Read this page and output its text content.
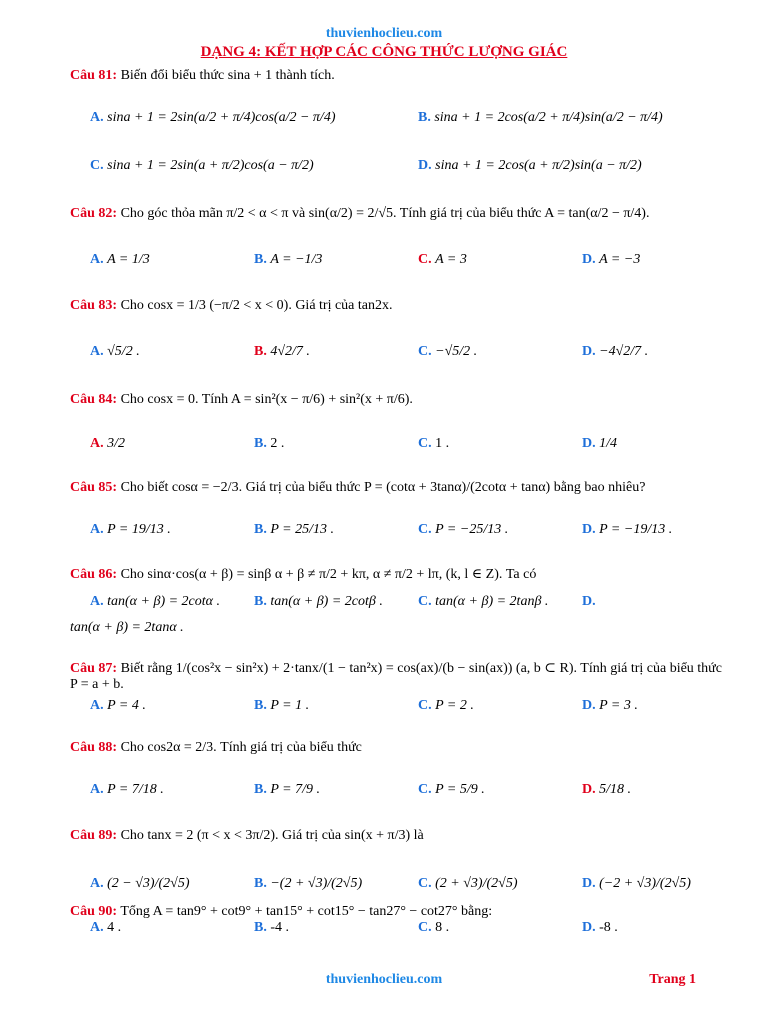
thuvienhoclieu.com
DẠNG 4: KẾT HỢP CÁC CÔNG THỨC LƯỢNG GIÁC
Câu 81: Biến đổi biểu thức sina + 1 thành tích.
A. sina + 1 = 2sin(a/2 + π/4)cos(a/2 − π/4)	B. sina + 1 = 2cos(a/2 + π/4)sin(a/2 − π/4)
C. sina + 1 = 2sin(a + π/2)cos(a − π/2)	D. sina + 1 = 2cos(a + π/2)sin(a − π/2)
Câu 82: Cho góc thỏa mãn π/2 < α < π và sin(α/2) = 2/√5. Tính giá trị của biểu thức A = tan(α/2 − π/4).
A. A = 1/3	B. A = −1/3	C. A = 3	D. A = −3
Câu 83: Cho cosx = 1/3 (−π/2 < x < 0). Giá trị của tan2x.
A. √5/2 .	B. 4√2/7 .	C. −√5/2 .	D. −4√2/7 .
Câu 84: Cho cosx = 0. Tính A = sin²(x − π/6) + sin²(x + π/6).
A. 3/2	B. 2 .	C. 1 .	D. 1/4
Câu 85: Cho biết cosα = −2/3. Giá trị của biểu thức P = (cotα + 3tanα)/(2cotα + tanα) bằng bao nhiêu?
A. P = 19/13 .	B. P = 25/13 .	C. P = −25/13 .	D. P = −19/13 .
Câu 86: Cho sinα·cos(α + β) = sinβ α + β ≠ π/2 + kπ, α ≠ π/2 + lπ, (k, l ∈ Z). Ta có
A. tan(α + β) = 2cotα . B. tan(α + β) = 2cotβ .	C. tan(α + β) = 2tanβ . D.
tan(α + β) = 2tanα .
Câu 87: Biết rằng 1/(cos²x − sin²x) + 2·tanx/(1 − tan²x) = cos(ax)/(b − sin(ax)) (a, b ⊂ R). Tính giá trị của biểu thức P = a + b.
A. P = 4 .	B. P = 1 .	C. P = 2 .	D. P = 3 .
Câu 88: Cho cos2α = 2/3. Tính giá trị của biểu thức
A. P = 7/18 .	B. P = 7/9 .	C. P = 5/9 .	D. 5/18 .
Câu 89: Cho tanx = 2 (π < x < 3π/2). Giá trị của sin(x + π/3) là
A. (2 − √3)/(2√5)	B. −(2 + √3)/(2√5)	C. (2 + √3)/(2√5)	D. (−2 + √3)/(2√5)
Câu 90: Tổng A = tan9° + cot9° + tan15° + cot15° − tan27° − cot27° bằng:
A. 4 .	B. -4 .	C. 8 .	D. -8 .
thuvienhoclieu.com	Trang 1
